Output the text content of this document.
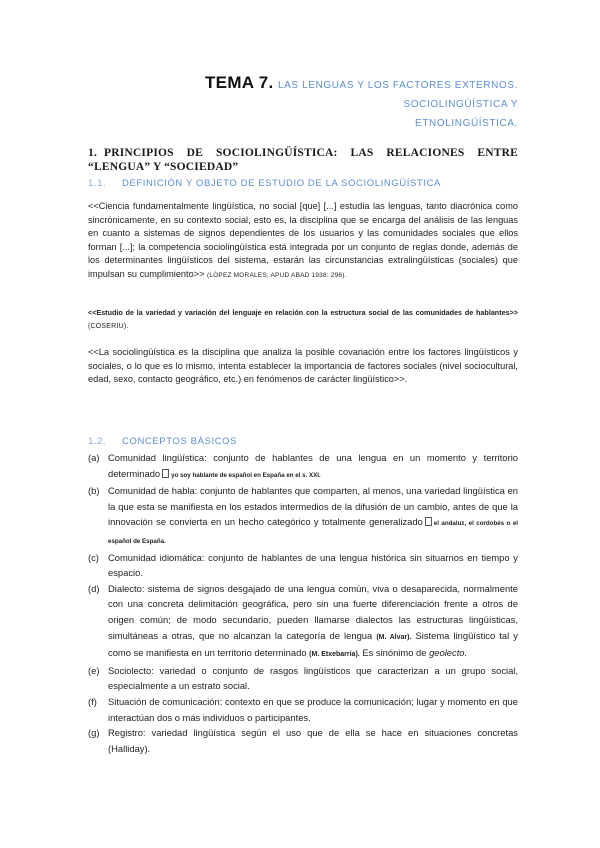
TEMA 7. LAS LENGUAS Y LOS FACTORES EXTERNOS. SOCIOLINGÜÍSTICA Y
ETNOLINGÜÍSTICA.
1. PRINCIPIOS DE SOCIOLINGÜÍSTICA: LAS RELACIONES ENTRE “LENGUA” Y “SOCIEDAD”
1.1. DEFINICIÓN Y OBJETO DE ESTUDIO DE LA SOCIOLINGÜÍSTICA
<<Ciencia fundamentalmente lingüística, no social [que] [...] estudia las lenguas, tanto diacrónica como sincrónicamente, en su contexto social, esto es, la disciplina que se encarga del análisis de las lenguas en cuanto a sistemas de signos dependientes de los usuarios y las comunidades sociales que ellos forman [...]; la competencia sociolingüística está integrada por un conjunto de reglas donde, además de los determinantes lingüísticos del sistema, estarán las circunstancias extralingüísticas (sociales) que impulsan su cumplimiento>> (LÓPEZ MORALES; APUD ABAD 1938: 296).
<<Estudio de la variedad y variación del lenguaje en relación con la estructura social de las comunidades de hablantes>> (COSERIU).
<<La sociolingüística es la disciplina que analiza la posible covariación entre los factores lingüísticos y sociales, o lo que es lo mismo, intenta establecer la importancia de factores sociales (nivel sociocultural, edad, sexo, contacto geográfico, etc.) en fenómenos de carácter lingüístico>>.
1.2. CONCEPTOS BÁSICOS
(a) Comunidad lingüística: conjunto de hablantes de una lengua en un momento y territorio determinado yo soy hablante de español en España en el s. XXI.
(b) Comunidad de habla: conjunto de hablantes que comparten, al menos, una variedad lingüística en la que esta se manifiesta en los estados intermedios de la difusión de un cambio, antes de que la innovación se convierta en un hecho categórico y totalmente generalizado el andaluz, el cordobés o el español de España.
(c) Comunidad idiomática: conjunto de hablantes de una lengua histórica sin situarnos en tiempo y espacio.
(d) Dialecto: sistema de signos desgajado de una lengua común, viva o desaparecida, normalmente con una concreta delimitación geográfica, pero sin una fuerte diferenciación frente a otros de origen común; de modo secundario, pueden llamarse dialectos las estructuras lingüísticas, simultáneas a otras, que no alcanzan la categoría de lengua (M. Alvar). Sistema lingüístico tal y como se manifiesta en un territorio determinado (M. Etxebarría). Es sinónimo de geolecto.
(e) Sociolecto: variedad o conjunto de rasgos lingüísticos que caracterizan a un grupo social, especialmente a un estrato social.
(f)	Situación de comunicación: contexto en que se produce la comunicación; lugar y momento en que interactúan dos o más individuos o participantes.
(g) Registro: variedad lingüística según el uso que de ella se hace en situaciones concretas (Halliday).
